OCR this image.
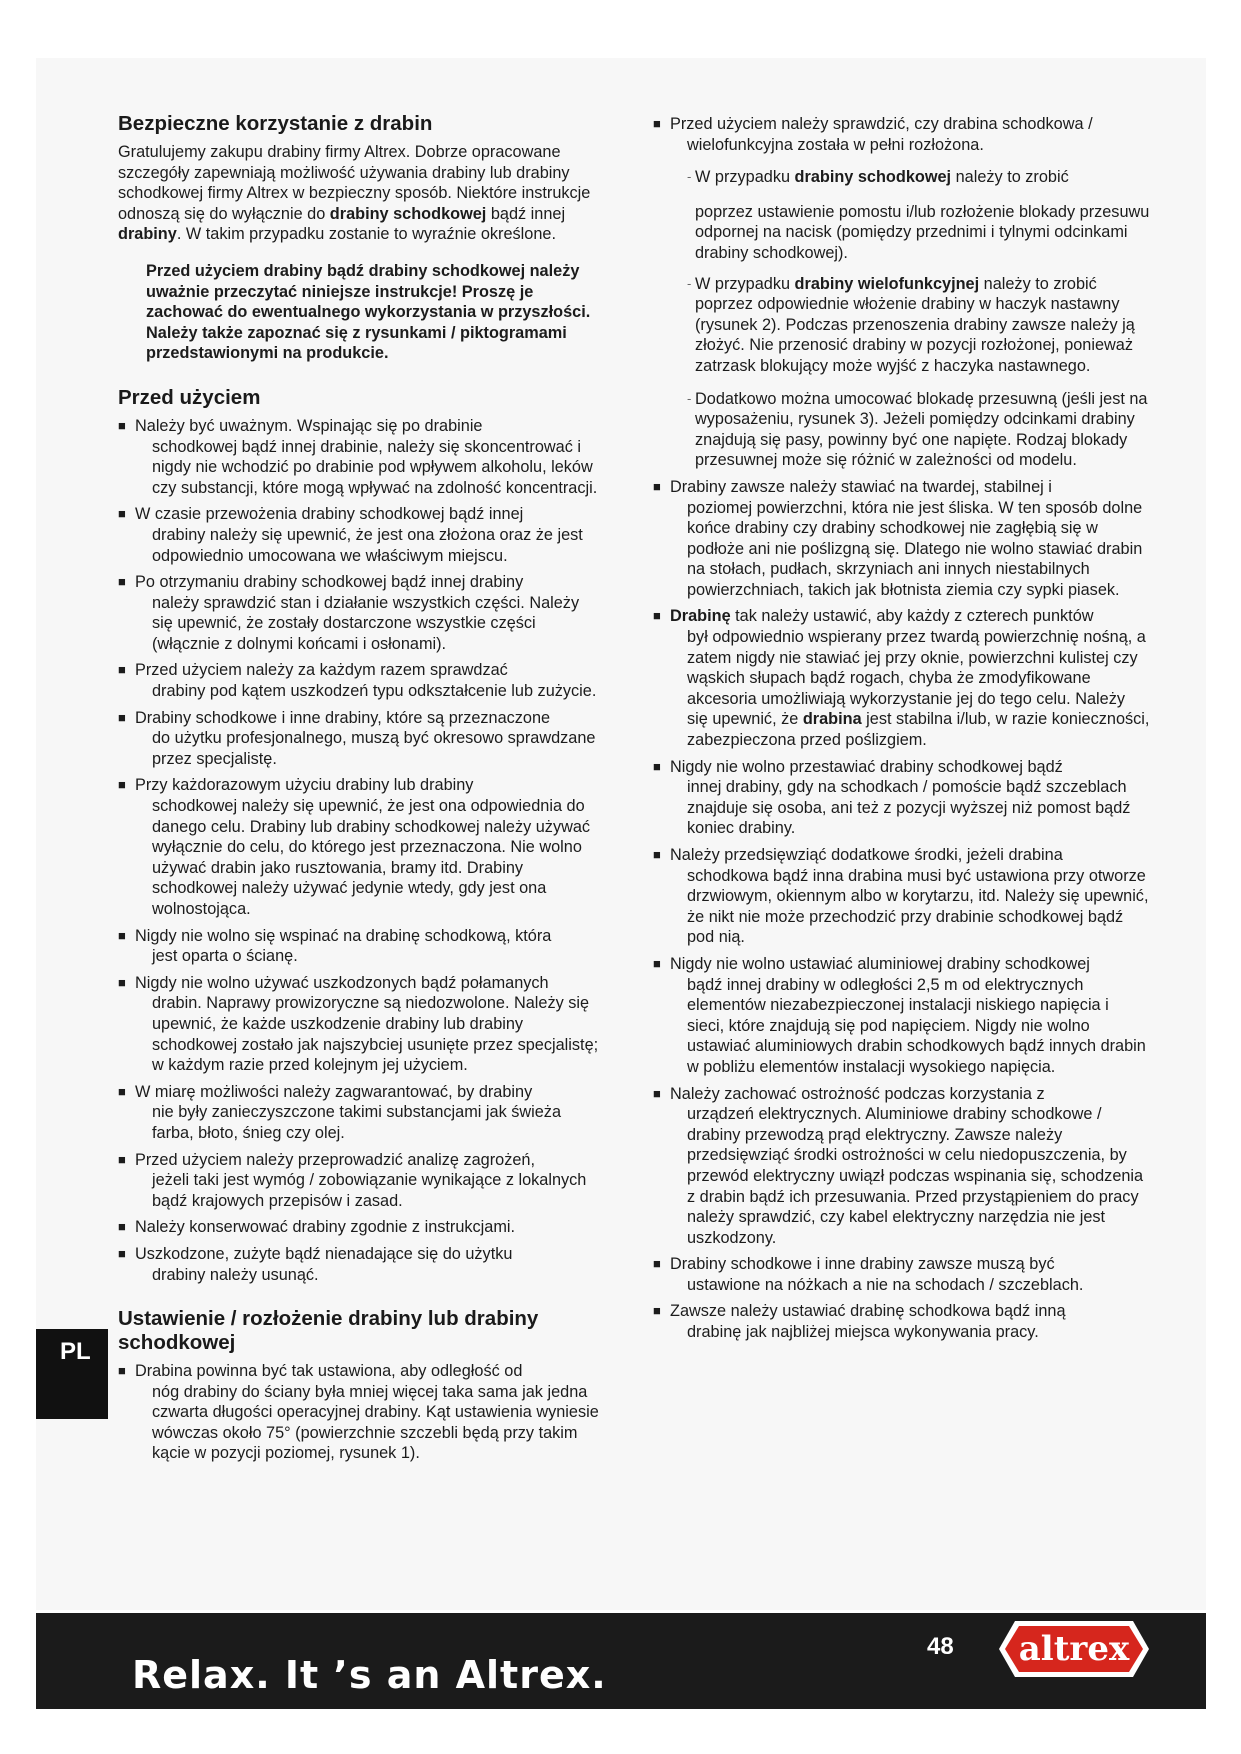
Bezpieczne korzystanie z drabin

Gratulujemy zakupu drabiny firmy Altrex. Dobrze opracowane szczegóły zapewniają możliwość używania drabiny lub drabiny schodkowej firmy Altrex w bezpieczny sposób. Niektóre instrukcje odnoszą się do wyłącznie do drabiny schodkowej bądź innej drabiny. W takim przypadku zostanie to wyraźnie określone.

Przed użyciem drabiny bądź drabiny schodkowej należy uważnie przeczytać niniejsze instrukcje! Proszę je zachować do ewentualnego wykorzystania w przyszłości. Należy także zapoznać się z rysunkami / piktogramami przedstawionymi na produkcie.

Przed użyciem
■ Należy być uważnym. Wspinając się po drabinie
schodkowej bądź innej drabinie, należy się skoncentrować i nigdy nie wchodzić po drabinie pod wpływem alkoholu, leków czy substancji, które mogą wpływać na zdolność koncentracji.
■ W czasie przewożenia drabiny schodkowej bądź innej
drabiny należy się upewnić, że jest ona złożona oraz że jest odpowiednio umocowana we właściwym miejscu.
■ Po otrzymaniu drabiny schodkowej bądź innej drabiny
należy sprawdzić stan i działanie wszystkich części. Należy się upewnić, że zostały dostarczone wszystkie części (włącznie z dolnymi końcami i osłonami).
■ Przed użyciem należy za każdym razem sprawdzać
drabiny pod kątem uszkodzeń typu odkształcenie lub zużycie.
■ Drabiny schodkowe i inne drabiny, które są przeznaczone
do użytku profesjonalnego, muszą być okresowo sprawdzane przez specjalistę.
■ Przy każdorazowym użyciu drabiny lub drabiny
schodkowej należy się upewnić, że jest ona odpowiednia do danego celu. Drabiny lub drabiny schodkowej należy używać wyłącznie do celu, do którego jest przeznaczona. Nie wolno używać drabin jako rusztowania, bramy itd. Drabiny schodkowej należy używać jedynie wtedy, gdy jest ona wolnostojąca.
■ Nigdy nie wolno się wspinać na drabinę schodkową, która
jest oparta o ścianę.
■ Nigdy nie wolno używać uszkodzonych bądź połamanych
drabin. Naprawy prowizoryczne są niedozwolone. Należy się upewnić, że każde uszkodzenie drabiny lub drabiny schodkowej zostało jak najszybciej usunięte przez specjalistę; w każdym razie przed kolejnym jej użyciem.
■ W miarę możliwości należy zagwarantować, by drabiny
nie były zanieczyszczone takimi substancjami jak świeża farba, błoto, śnieg czy olej.
■ Przed użyciem należy przeprowadzić analizę zagrożeń,
jeżeli taki jest wymóg / zobowiązanie wynikające z lokalnych bądź krajowych przepisów i zasad.
■ Należy konserwować drabiny zgodnie z instrukcjami.
■ Uszkodzone, zużyte bądź nienadające się do użytku
drabiny należy usunąć.
Ustawienie / rozłożenie drabiny lub drabiny schodkowej
■ Drabina powinna być tak ustawiona, aby odległość od
nóg drabiny do ściany była mniej więcej taka sama jak jedna czwarta długości operacyjnej drabiny. Kąt ustawienia wyniesie wówczas około 75° (powierzchnie szczebli będą przy takim kącie w pozycji poziomej, rysunek 1).
■ Przed użyciem należy sprawdzić, czy drabina schodkowa /
wielofunkcyjna została w pełni rozłożona.
- W przypadku drabiny schodkowej należy to zrobić

poprzez ustawienie pomostu i/lub rozłożenie blokady przesuwu odpornej na nacisk (pomiędzy przednimi i tylnymi odcinkami drabiny schodkowej).

- W przypadku drabiny wielofunkcyjnej należy to zrobić poprzez odpowiednie włożenie drabiny w haczyk nastawny (rysunek 2). Podczas przenoszenia drabiny zawsze należy ją złożyć. Nie przenosić drabiny w pozycji rozłożonej, ponieważ zatrzask blokujący może wyjść z haczyka nastawnego.
- Dodatkowo można umocować blokadę przesuwną (jeśli jest na wyposażeniu, rysunek 3). Jeżeli pomiędzy odcinkami drabiny znajdują się pasy, powinny być one napięte. Rodzaj blokady przesuwnej może się różnić w zależności od modelu.
■ Drabiny zawsze należy stawiać na twardej, stabilnej i
poziomej powierzchni, która nie jest śliska. W ten sposób dolne końce drabiny czy drabiny schodkowej nie zagłębią się w podłoże ani nie poślizgną się. Dlatego nie wolno stawiać drabin na stołach, pudłach, skrzyniach ani innych niestabilnych powierzchniach, takich jak błotnista ziemia czy sypki piasek.
■ Drabinę tak należy ustawić, aby każdy z czterech punktów
był odpowiednio wspierany przez twardą powierzchnię nośną, a zatem nigdy nie stawiać jej przy oknie, powierzchni kulistej czy wąskich słupach bądź rogach, chyba że zmodyfikowane akcesoria umożliwiają wykorzystanie jej do tego celu. Należy się upewnić, że drabina jest stabilna i/lub, w razie konieczności, zabezpieczona przed poślizgiem.
■ Nigdy nie wolno przestawiać drabiny schodkowej bądź
innej drabiny, gdy na schodkach / pomoście bądź szczeblach znajduje się osoba, ani też z pozycji wyższej niż pomost bądź koniec drabiny.
■ Należy przedsięwziąć dodatkowe środki, jeżeli drabina
schodkowa bądź inna drabina musi być ustawiona przy otworze drzwiowym, okiennym albo w korytarzu, itd. Należy się upewnić, że nikt nie może przechodzić przy drabinie schodkowej bądź pod nią.
■ Nigdy nie wolno ustawiać aluminiowej drabiny schodkowej
bądź innej drabiny w odległości 2,5 m od elektrycznych elementów niezabezpieczonej instalacji niskiego napięcia i sieci, które znajdują się pod napięciem. Nigdy nie wolno ustawiać aluminiowych drabin schodkowych bądź innych drabin w pobliżu elementów instalacji wysokiego napięcia.
■ Należy zachować ostrożność podczas korzystania z
urządzeń elektrycznych. Aluminiowe drabiny schodkowe / drabiny przewodzą prąd elektryczny. Zawsze należy przedsięwziąć środki ostrożności w celu niedopuszczenia, by przewód elektryczny uwiązł podczas wspinania się, schodzenia z drabin bądź ich przesuwania. Przed przystąpieniem do pracy należy sprawdzić, czy kabel elektryczny narzędzia nie jest uszkodzony.
■ Drabiny schodkowe i inne drabiny zawsze muszą być
ustawione na nóżkach a nie na schodach / szczeblach.
■ Zawsze należy ustawiać drabinę schodkowa bądź inną
drabinę jak najbliżej miejsca wykonywania pracy.
PL
Relax. It ’s an Altrex.
48 altrex
